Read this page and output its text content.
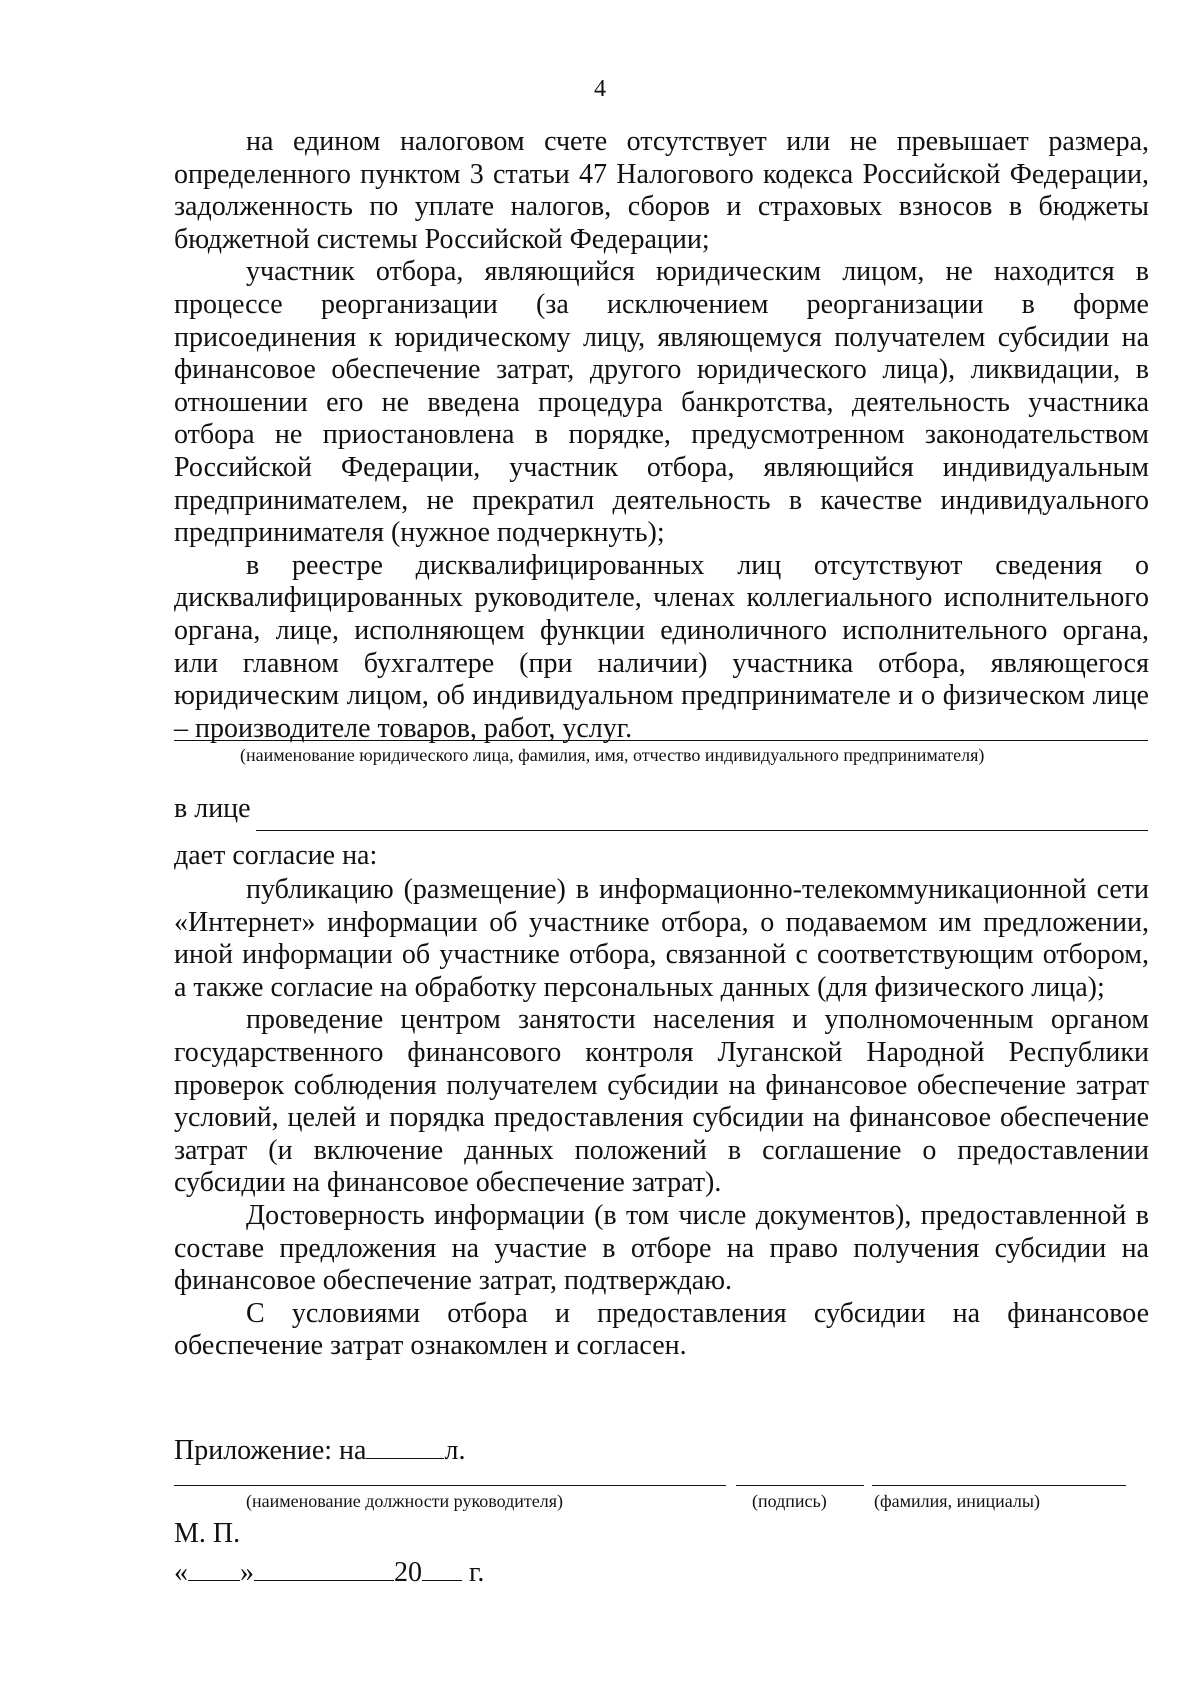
4

на едином налоговом счете отсутствует или не превышает размера, определенного пунктом 3 статьи 47 Налогового кодекса Российской Федерации, задолженность по уплате налогов, сборов и страховых взносов в бюджеты бюджетной системы Российской Федерации;

участник отбора, являющийся юридическим лицом, не находится в процессе реорганизации (за исключением реорганизации в форме присоединения к юридическому лицу, являющемуся получателем субсидии на финансовое обеспечение затрат, другого юридического лица), ликвидации, в отношении его не введена процедура банкротства, деятельность участника отбора не приостановлена в порядке, предусмотренном законодательством Российской Федерации, участник отбора, являющийся индивидуальным предпринимателем, не прекратил деятельность в качестве индивидуального предпринимателя (нужное подчеркнуть);

в реестре дисквалифицированных лиц отсутствуют сведения о дисквалифицированных руководителе, членах коллегиального исполнительного органа, лице, исполняющем функции единоличного исполнительного органа, или главном бухгалтере (при наличии) участника отбора, являющегося юридическим лицом, об индивидуальном предпринимателе и о физическом лице – производителе товаров, работ, услуг.

(наименование юридического лица, фамилия, имя, отчество индивидуального предпринимателя)
в лице
дает согласие на:

публикацию (размещение) в информационно-телекоммуникационной сети «Интернет» информации об участнике отбора, о подаваемом им предложении, иной информации об участнике отбора, связанной с соответствующим отбором, а также согласие на обработку персональных данных (для физического лица);

проведение центром занятости населения и уполномоченным органом государственного финансового контроля Луганской Народной Республики проверок соблюдения получателем субсидии на финансовое обеспечение затрат условий, целей и порядка предоставления субсидии на финансовое обеспечение затрат (и включение данных положений в соглашение о предоставлении субсидии на финансовое обеспечение затрат).

Достоверность информации (в том числе документов), предоставленной в составе предложения на участие в отборе на право получения субсидии на финансовое обеспечение затрат, подтверждаю.

С условиями отбора и предоставления субсидии на финансовое обеспечение затрат ознакомлен и согласен.

Приложение: на	л.
(наименование должности руководителя)	(подпись)	(фамилия, инициалы)
М. П.
« »	20 г.
